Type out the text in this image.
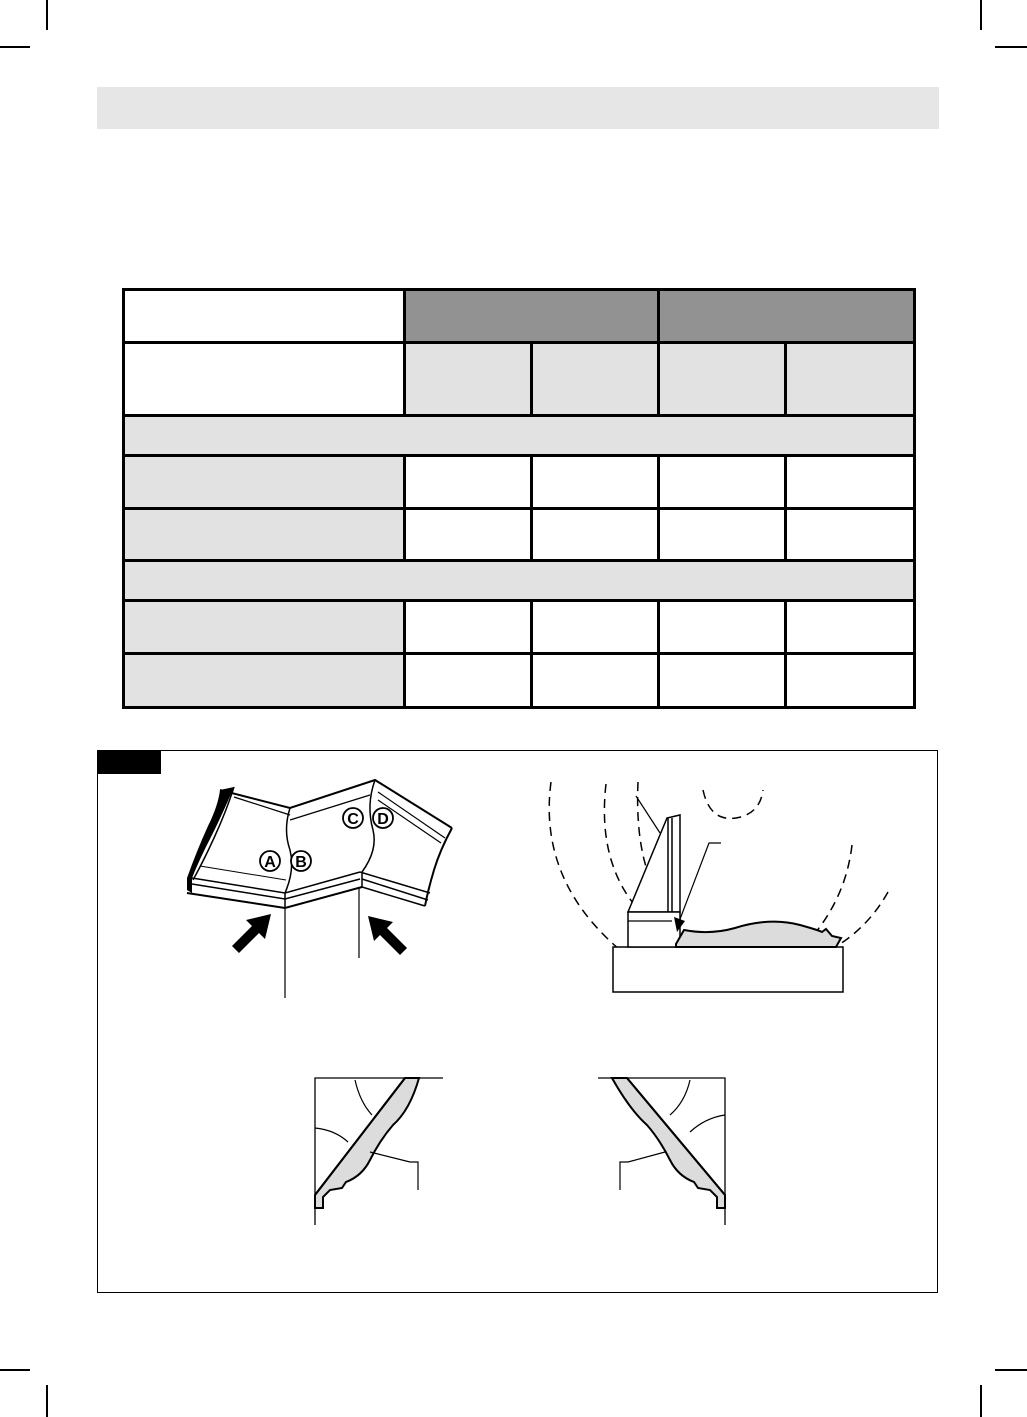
A B
C D
